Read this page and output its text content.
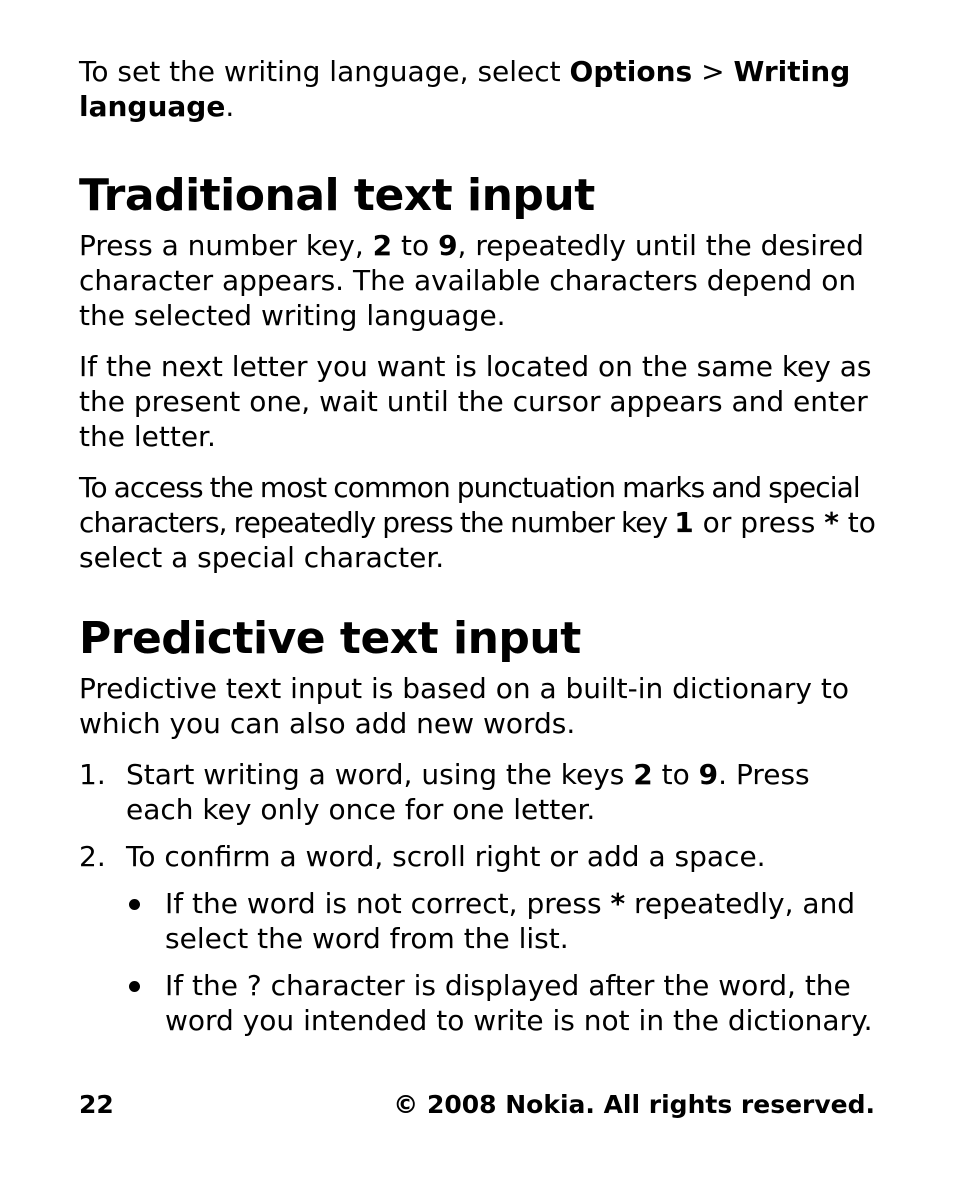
To set the writing language, select Options > Writing language.

Traditional text input

Press a number key, 2 to 9, repeatedly until the desired character appears. The available characters depend on the selected writing language.

If the next letter you want is located on the same key as the present one, wait until the cursor appears and enter the letter.

To access the most common punctuation marks and special characters, repeatedly press the number key 1 or press * to select a special character.

Predictive text input

Predictive text input is based on a built-in dictionary to which you can also add new words.

1. Start writing a word, using the keys 2 to 9. Press each key only once for one letter.
2. To confirm a word, scroll right or add a space.
If the word is not correct, press * repeatedly, and select the word from the list.
If the ? character is displayed after the word, the word you intended to write is not in the dictionary.
22	© 2008 Nokia. All rights reserved.
